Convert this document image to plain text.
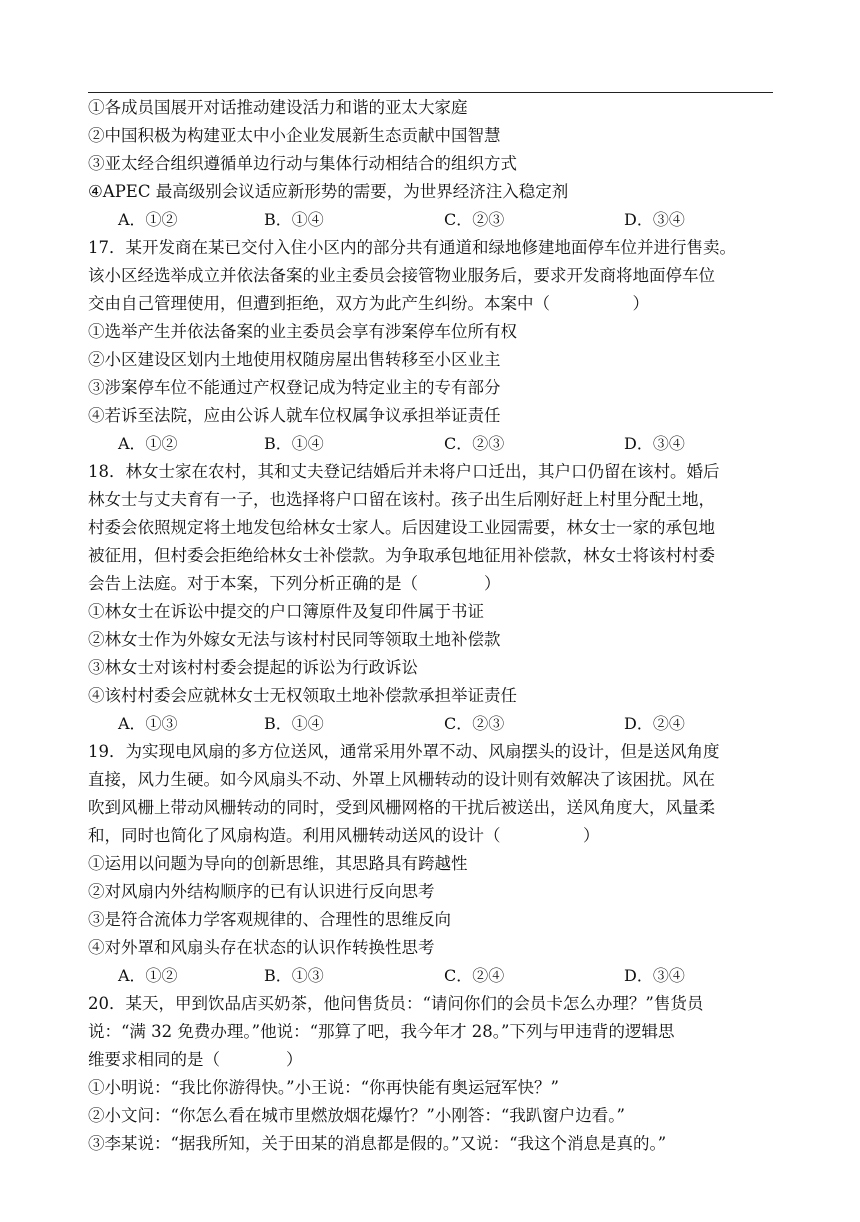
①各成员国展开对话推动建设活力和谐的亚太大家庭
②中国积极为构建亚太中小企业发展新生态贡献中国智慧
③亚太经合组织遵循单边行动与集体行动相结合的组织方式
④APEC 最高级别会议适应新形势的需要，为世界经济注入稳定剂
A．①②	B．①④	C．②③	D．③④
17．某开发商在某已交付入住小区内的部分共有通道和绿地修建地面停车位并进行售卖。
该小区经选举成立并依法备案的业主委员会接管物业服务后，要求开发商将地面停车位
交由自己管理使用，但遭到拒绝，双方为此产生纠纷。本案中（　　　　　）
①选举产生并依法备案的业主委员会享有涉案停车位所有权
②小区建设区划内土地使用权随房屋出售转移至小区业主
③涉案停车位不能通过产权登记成为特定业主的专有部分
④若诉至法院，应由公诉人就车位权属争议承担举证责任
A．①②	B．①④	C．②③	D．③④
18．林女士家在农村，其和丈夫登记结婚后并未将户口迁出，其户口仍留在该村。婚后
林女士与丈夫育有一子，也选择将户口留在该村。孩子出生后刚好赶上村里分配土地，
村委会依照规定将土地发包给林女士家人。后因建设工业园需要，林女士一家的承包地
被征用，但村委会拒绝给林女士补偿款。为争取承包地征用补偿款，林女士将该村村委
会告上法庭。对于本案，下列分析正确的是（　　　　）
①林女士在诉讼中提交的户口簿原件及复印件属于书证
②林女士作为外嫁女无法与该村村民同等领取土地补偿款
③林女士对该村村委会提起的诉讼为行政诉讼
④该村村委会应就林女士无权领取土地补偿款承担举证责任
A．①③	B．①④	C．②③	D．②④
19．为实现电风扇的多方位送风，通常采用外罩不动、风扇摆头的设计，但是送风角度
直接，风力生硬。如今风扇头不动、外罩上风栅转动的设计则有效解决了该困扰。风在
吹到风栅上带动风栅转动的同时，受到风栅网格的干扰后被送出，送风角度大，风量柔
和，同时也简化了风扇构造。利用风栅转动送风的设计（　　　　　）
①运用以问题为导向的创新思维，其思路具有跨越性
②对风扇内外结构顺序的已有认识进行反向思考
③是符合流体力学客观规律的、合理性的思维反向
④对外罩和风扇头存在状态的认识作转换性思考
A．①②	B．①③	C．②④	D．③④
20．某天，甲到饮品店买奶茶，他问售货员：“请问你们的会员卡怎么办理？”售货员
说：“满 32 免费办理。”他说：“那算了吧，我今年才 28。”下列与甲违背的逻辑思
维要求相同的是（　　　　）
①小明说：“我比你游得快。”小王说：“你再快能有奥运冠军快？”
②小文问：“你怎么看在城市里燃放烟花爆竹？”小刚答：“我趴窗户边看。”
③李某说：“据我所知，关于田某的消息都是假的。”又说：“我这个消息是真的。”
